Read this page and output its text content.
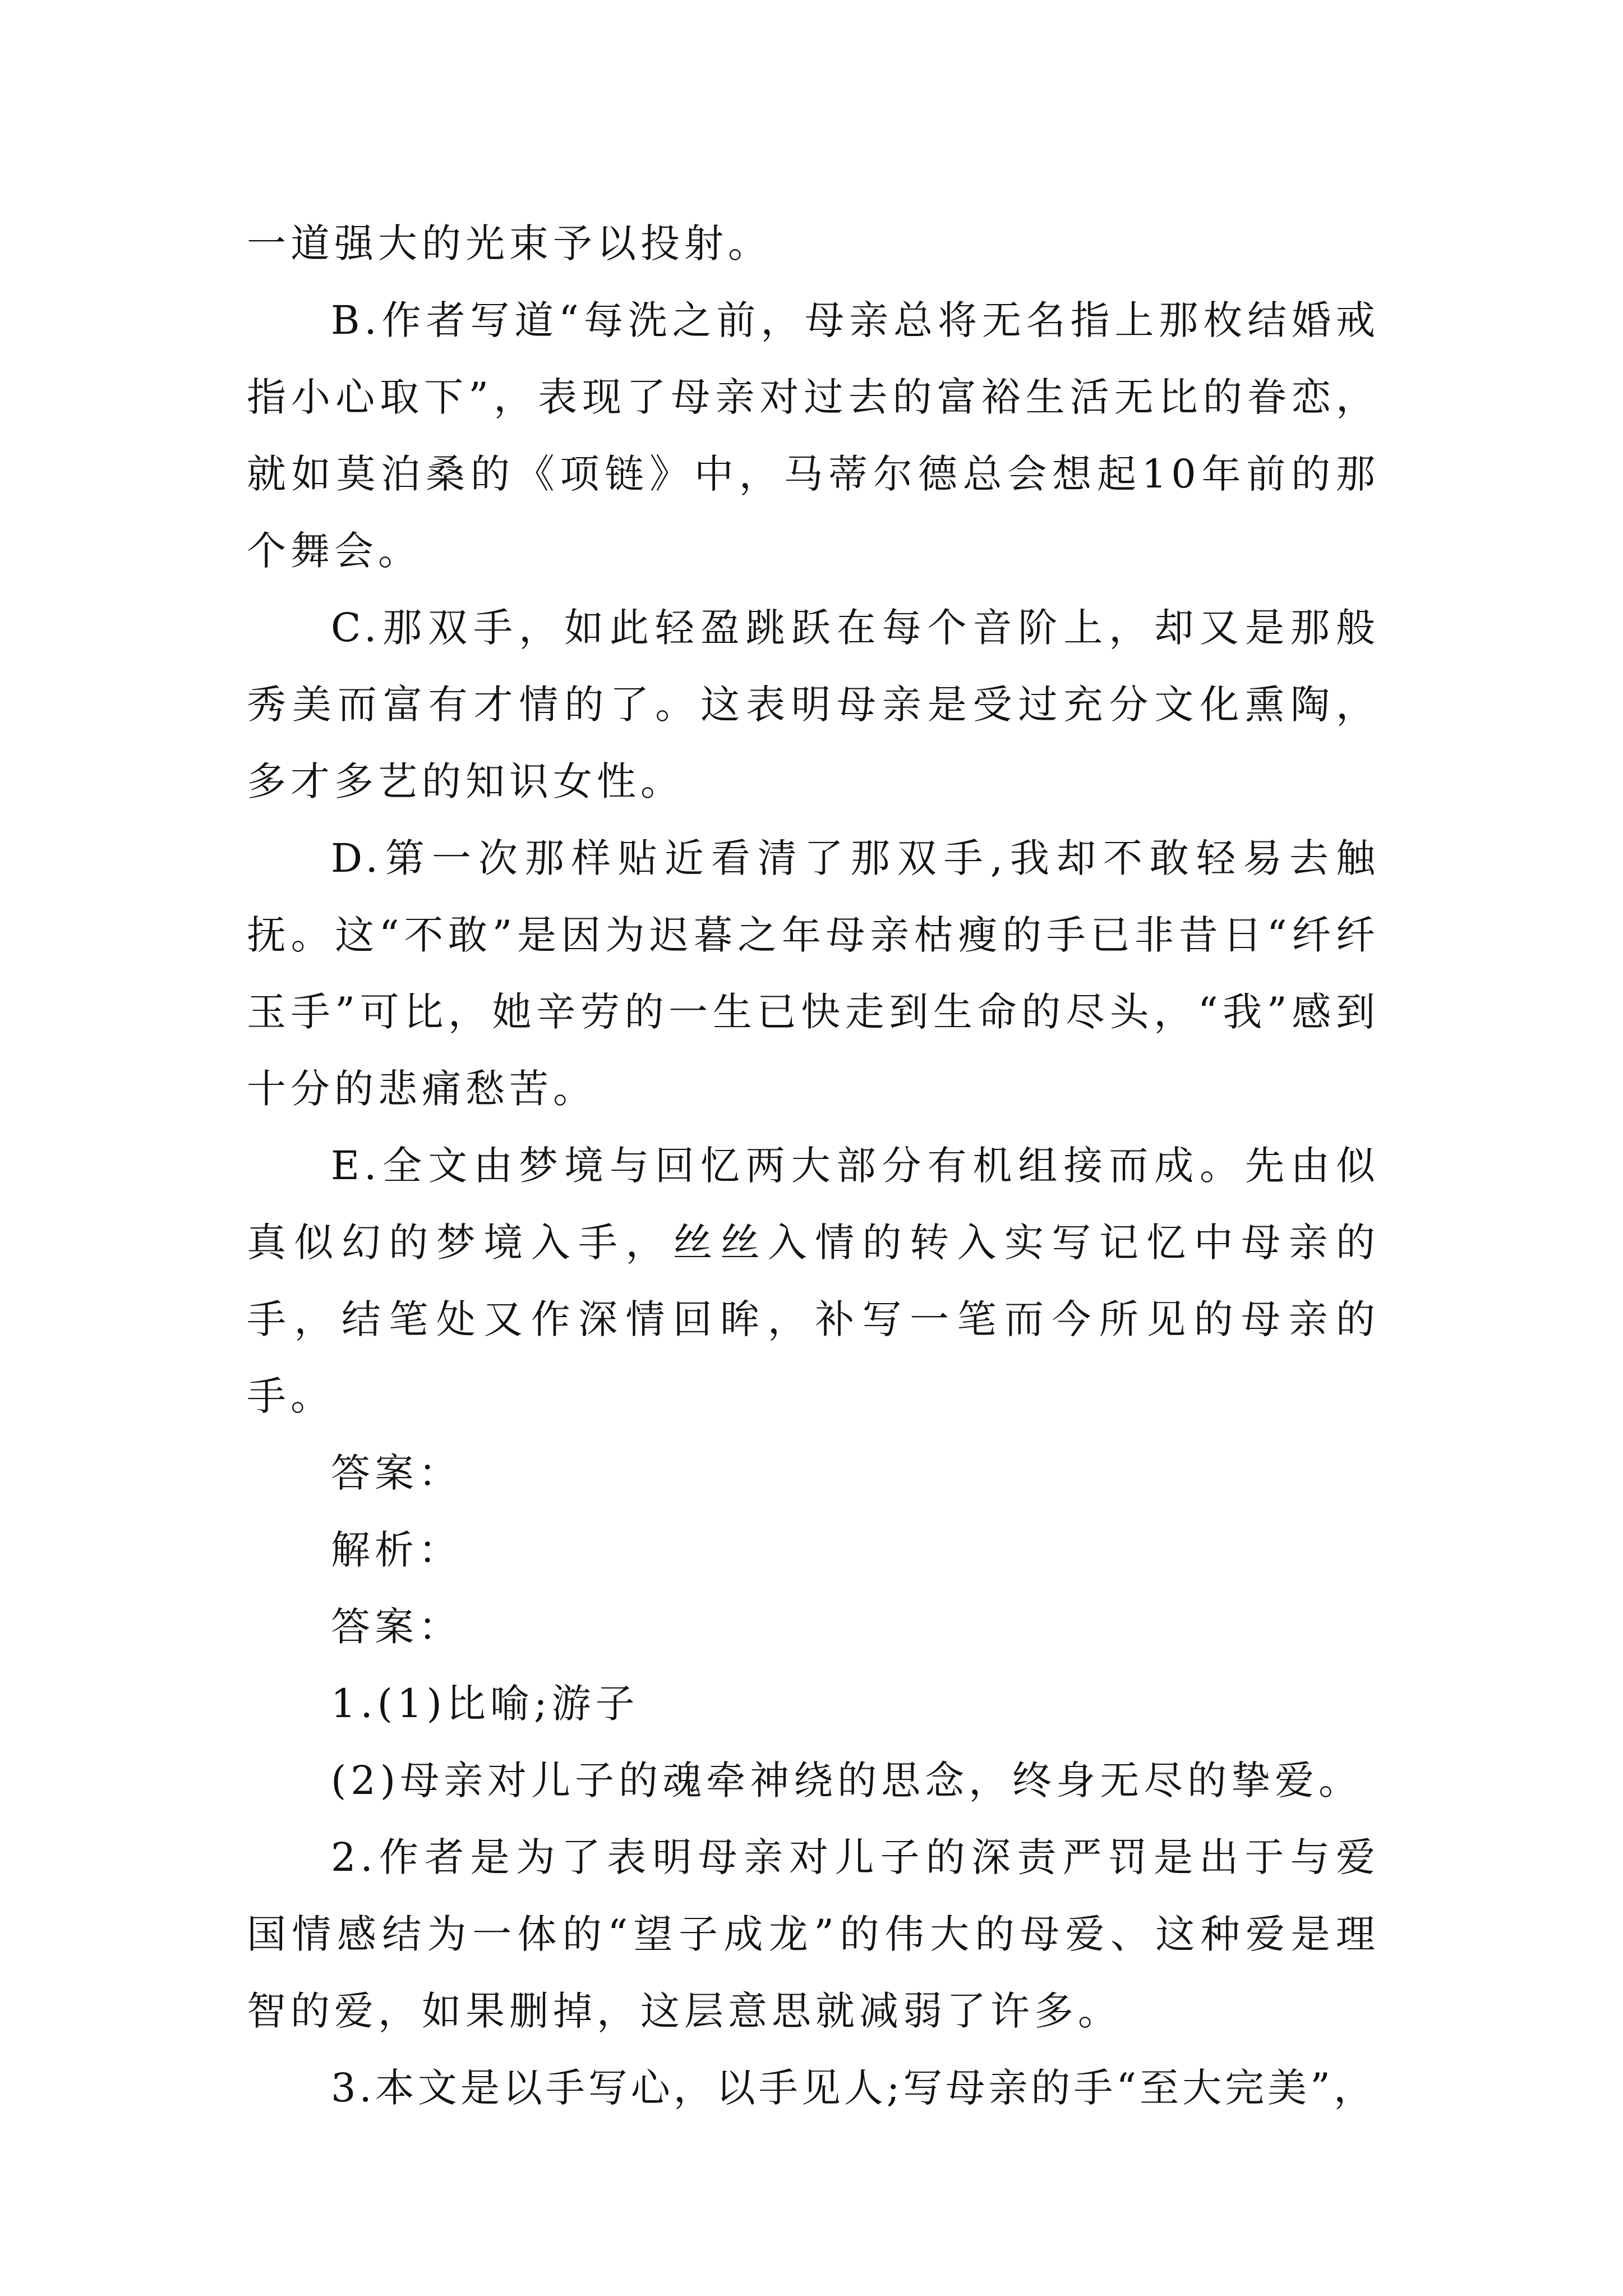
一道强大的光束予以投射。

B.作者写道“每洗之前，母亲总将无名指上那枚结婚戒指小心取下”，表现了母亲对过去的富裕生活无比的眷恋，就如莫泊桑的《项链》中，马蒂尔德总会想起10年前的那个舞会。

C.那双手，如此轻盈跳跃在每个音阶上，却又是那般秀美而富有才情的了。这表明母亲是受过充分文化熏陶，多才多艺的知识女性。

D.第一次那样贴近看清了那双手,我却不敢轻易去触抚。这“不敢”是因为迟暮之年母亲枯瘦的手已非昔日“纤纤玉手”可比，她辛劳的一生已快走到生命的尽头，“我”感到十分的悲痛愁苦。

E.全文由梦境与回忆两大部分有机组接而成。先由似真似幻的梦境入手，丝丝入情的转入实写记忆中母亲的手，结笔处又作深情回眸，补写一笔而今所见的母亲的手。

答案：

解析：

答案：

1.(1)比喻;游子

(2)母亲对儿子的魂牵神绕的思念，终身无尽的挚爱。

2.作者是为了表明母亲对儿子的深责严罚是出于与爱国情感结为一体的“望子成龙”的伟大的母爱、这种爱是理智的爱，如果删掉，这层意思就减弱了许多。

3.本文是以手写心，以手见人;写母亲的手“至大完美”，
